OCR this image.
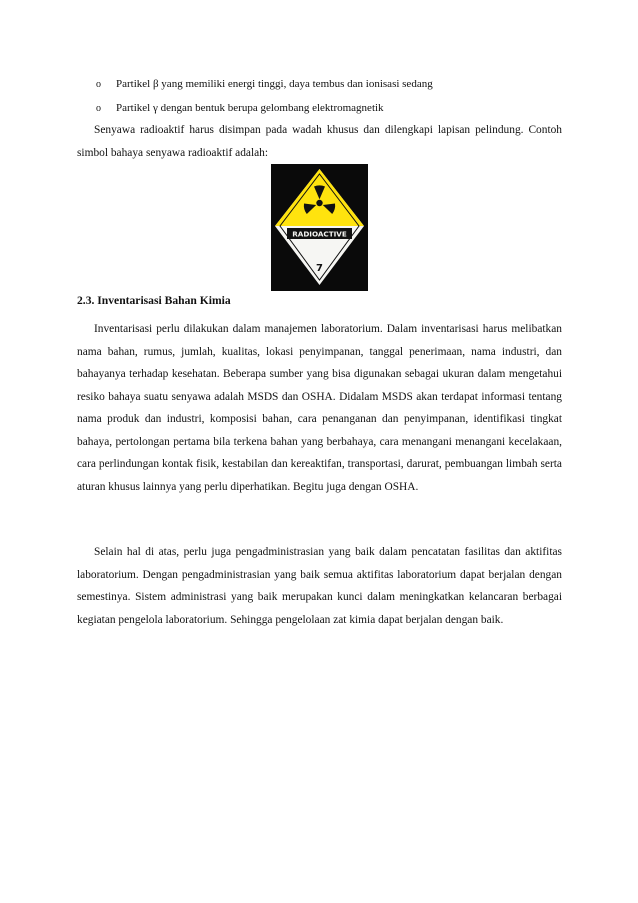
o	Partikel β yang memiliki energi tinggi, daya tembus dan ionisasi sedang
o	Partikel γ dengan bentuk berupa gelombang elektromagnetik

Senyawa radioaktif harus disimpan pada wadah khusus dan dilengkapi lapisan pelindung. Contoh simbol bahaya senyawa radioaktif adalah:

RADIOACTIVE
7
2.3. Inventarisasi Bahan Kimia

Inventarisasi perlu dilakukan dalam manajemen laboratorium. Dalam inventarisasi harus melibatkan nama bahan, rumus, jumlah, kualitas, lokasi penyimpanan, tanggal penerimaan, nama industri, dan bahayanya terhadap kesehatan. Beberapa sumber yang bisa digunakan sebagai ukuran dalam mengetahui resiko bahaya suatu senyawa adalah MSDS dan OSHA. Didalam MSDS akan terdapat informasi tentang nama produk dan industri, komposisi bahan, cara penanganan dan penyimpanan, identifikasi tingkat bahaya, pertolongan pertama bila terkena bahan yang berbahaya, cara menangani menangani kecelakaan, cara perlindungan kontak fisik, kestabilan dan kereaktifan, transportasi, darurat, pembuangan limbah serta aturan khusus lainnya yang perlu diperhatikan. Begitu juga dengan OSHA.

Selain hal di atas, perlu juga pengadministrasian yang baik dalam pencatatan fasilitas dan aktifitas laboratorium. Dengan pengadministrasian yang baik semua aktifitas laboratorium dapat berjalan dengan semestinya. Sistem administrasi yang baik merupakan kunci dalam meningkatkan kelancaran berbagai kegiatan pengelola laboratorium. Sehingga pengelolaan zat kimia dapat berjalan dengan baik.
